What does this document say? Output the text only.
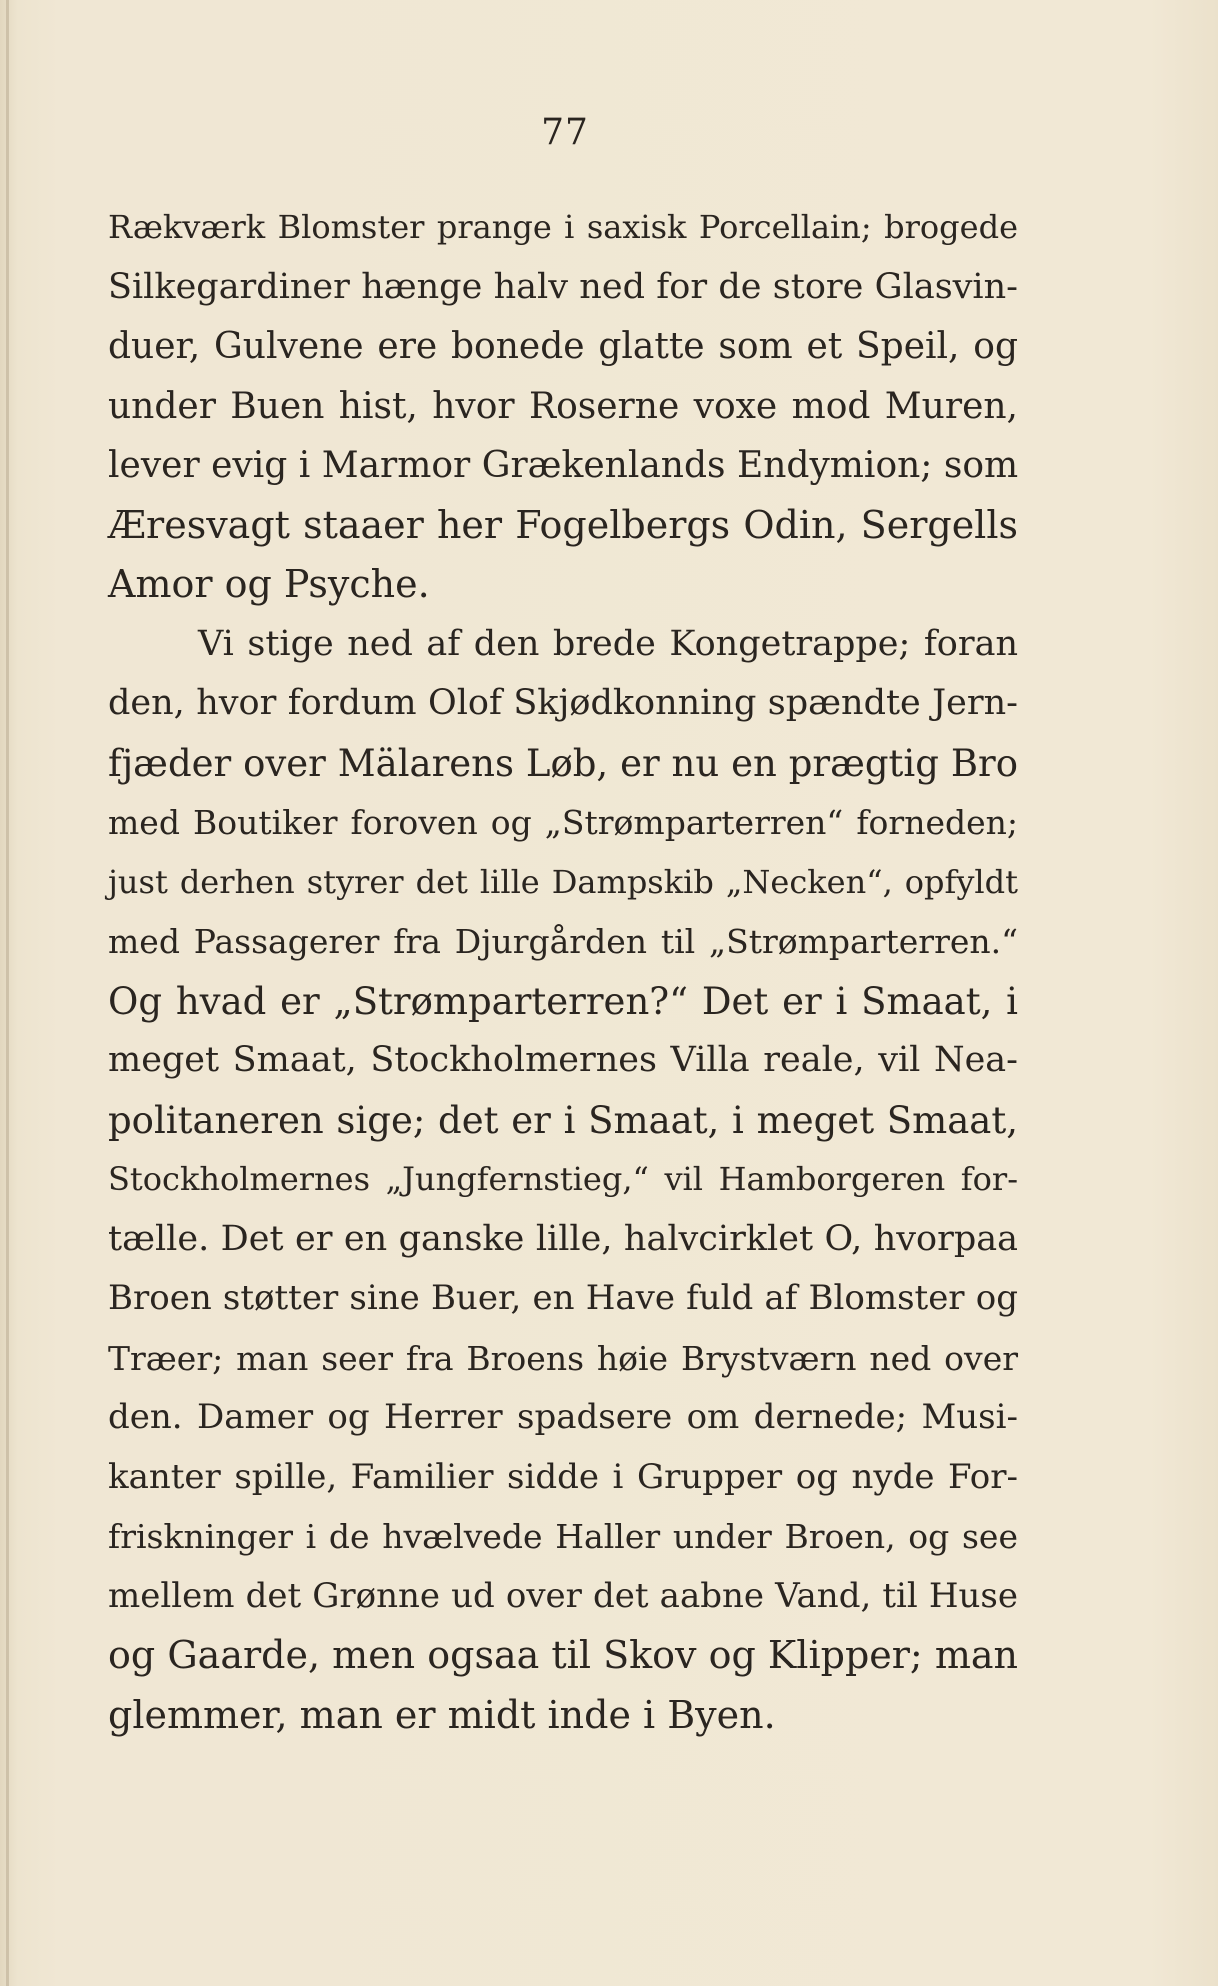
77
Rækværk Blomster prange i saxisk Porcellain; brogede
Silkegardiner hænge halv ned for de store Glasvin-
duer, Gulvene ere bonede glatte som et Speil, og
under Buen hist, hvor Roserne voxe mod Muren,
lever evig i Marmor Grækenlands Endymion; som
Æresvagt staaer her Fogelbergs Odin, Sergells
Amor og Psyche.
Vi stige ned af den brede Kongetrappe; foran
den, hvor fordum Olof Skjødkonning spændte Jern-
fjæder over Mälarens Løb, er nu en prægtig Bro
med Boutiker foroven og „Strømparterren“ forneden;
just derhen styrer det lille Dampskib „Necken“, opfyldt
med Passagerer fra Djurgården til „Strømparterren.“
Og hvad er „Strømparterren?“ Det er i Smaat, i
meget Smaat, Stockholmernes Villa reale, vil Nea-
politaneren sige; det er i Smaat, i meget Smaat,
Stockholmernes „Jungfernstieg,“ vil Hamborgeren for-
tælle. Det er en ganske lille, halvcirklet O, hvorpaa
Broen støtter sine Buer, en Have fuld af Blomster og
Træer; man seer fra Broens høie Brystværn ned over
den. Damer og Herrer spadsere om dernede; Musi-
kanter spille, Familier sidde i Grupper og nyde For-
friskninger i de hvælvede Haller under Broen, og see
mellem det Grønne ud over det aabne Vand, til Huse
og Gaarde, men ogsaa til Skov og Klipper; man
glemmer, man er midt inde i Byen.
